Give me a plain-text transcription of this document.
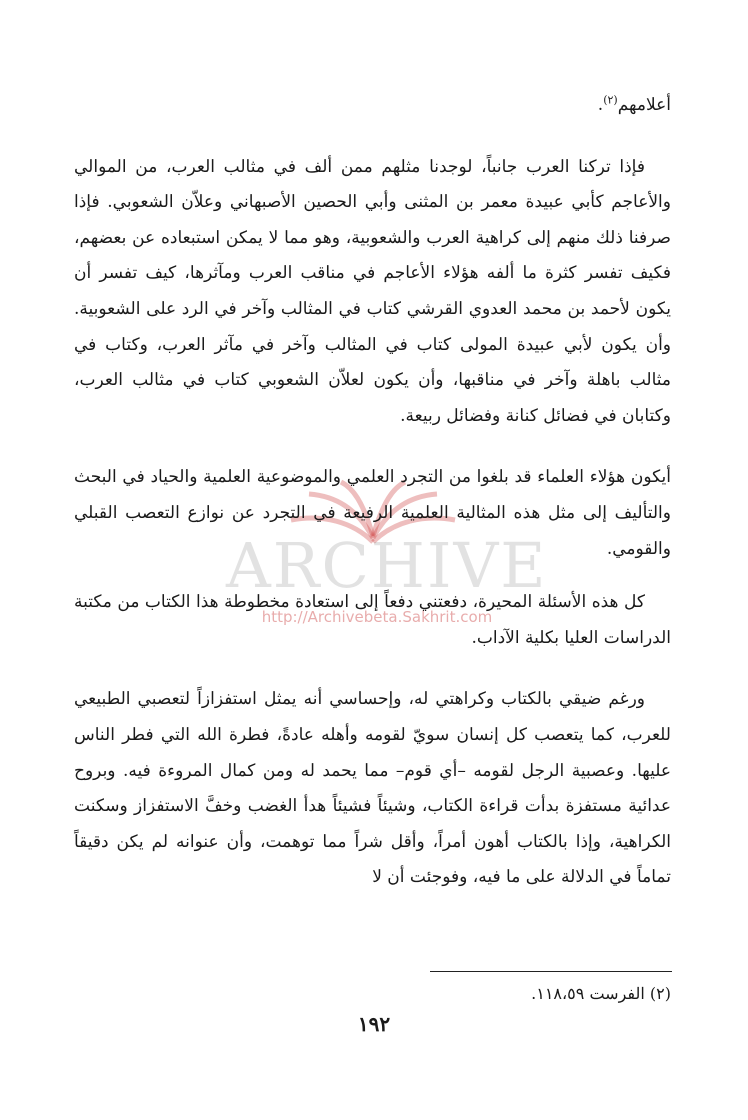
ARCHIVE
http://Archivebeta.Sakhrit.com

أعلامهم$^{(٢)}$.

فإذا تركنا العرب جانباً، لوجدنا مثلهم ممن ألف في مثالب العرب، من الموالي والأعاجم كأبي عبيدة معمر بن المثنى وأبي الحصين الأصبهاني وعلاّن الشعوبي. فإذا صرفنا ذلك منهم إلى كراهية العرب والشعوبية، وهو مما لا يمكن استبعاده عن بعضهم، فكيف تفسر كثرة ما ألفه هؤلاء الأعاجم في مناقب العرب ومآثرها، كيف تفسر أن يكون لأحمد بن محمد العدوي القرشي كتاب في المثالب وآخر في الرد على الشعوبية. وأن يكون لأبي عبيدة المولى كتاب في المثالب وآخر في مآثر العرب، وكتاب في مثالب باهلة وآخر في مناقبها، وأن يكون لعلاّن الشعوبي كتاب في مثالب العرب، وكتابان في فضائل كنانة وفضائل ربيعة.

أيكون هؤلاء العلماء قد بلغوا من التجرد العلمي والموضوعية العلمية والحياد في البحث والتأليف إلى مثل هذه المثالية العلمية الرفيعة في التجرد عن نوازع التعصب القبلي والقومي.

كل هذه الأسئلة المحيرة، دفعتني دفعاً إلى استعادة مخطوطة هذا الكتاب من مكتبة الدراسات العليا بكلية الآداب.

ورغم ضيقي بالكتاب وكراهتي له، وإحساسي أنه يمثل استفزازاً لتعصبي الطبيعي للعرب، كما يتعصب كل إنسان سويّ لقومه وأهله عادةً، فطرة الله التي فطر الناس عليها. وعصبية الرجل لقومه –أي قوم– مما يحمد له ومن كمال المروءة فيه. وبروح عدائية مستفزة بدأت قراءة الكتاب، وشيئاً فشيئاً هدأ الغضب وخفَّ الاستفزاز وسكنت الكراهية، وإذا بالكتاب أهون أمراً، وأقل شراً مما توهمت، وأن عنوانه لم يكن دقيقاً تماماً في الدلالة على ما فيه، وفوجئت أن لا

(٢) الفرست ١١٨،٥٩.
١٩٢
